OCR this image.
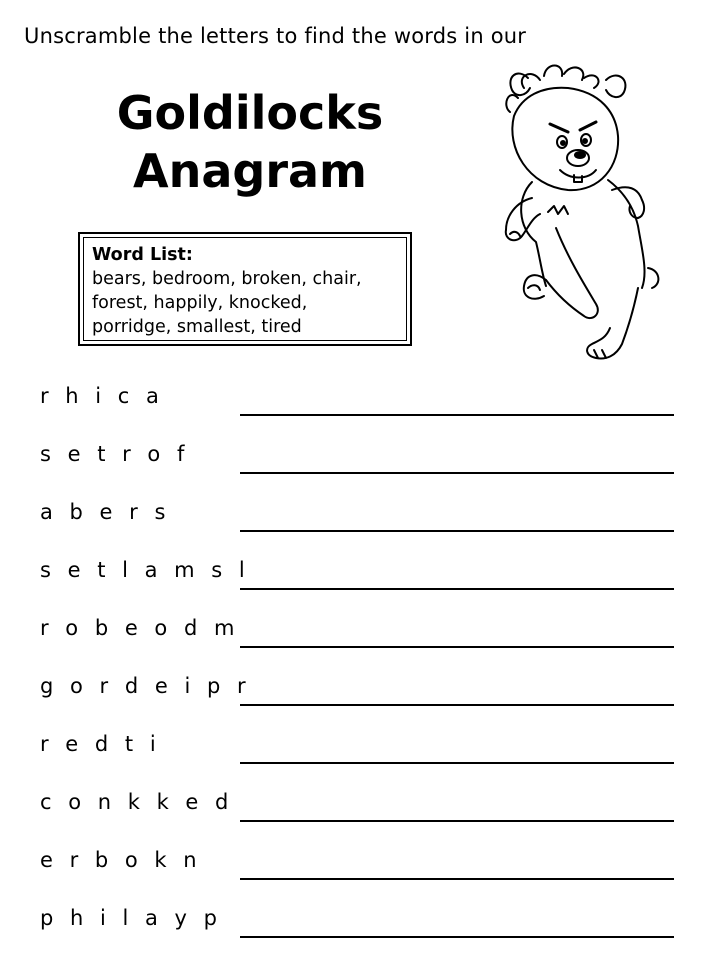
Unscramble the letters to find the words in our
Goldilocks
Anagram
Word List:
bears, bedroom, broken, chair,
forest, happily, knocked,
porridge, smallest, tired
r h i c a
s e t r o f
a b e r s
s e t l a m s l
r o b e o d m
g o r d e i p r
r e d t i
c o n k k e d
e r b o k n
p h i l a y p
